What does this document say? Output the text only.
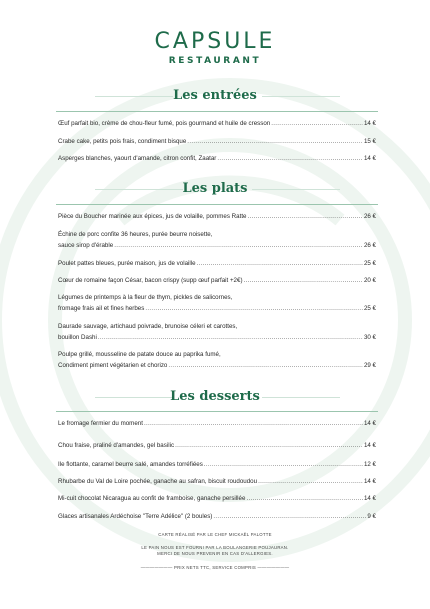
CAPSULE
RESTAURANT
Les entrées
Œuf parfait bio, crème de chou-fleur fumé, pois gourmand et huile de cresson .....	14 €
Crabe cake, petits pois frais, condiment bisque .....	15 €
Asperges blanches, yaourt d'amande, citron confit, Zaatar .....	14 €
Les plats
Pièce du Boucher marinée aux épices, jus de volaille, pommes Ratte .....	26 €
Échine de porc confite 36 heures, purée beurre noisette,
sauce sirop d'érable .....	26 €
Poulet pattes bleues, purée maison, jus de volaille .....	25 €
Cœur de romaine façon César, bacon crispy (supp œuf parfait +2€) .....	20 €
Légumes de printemps à la fleur de thym, pickles de salicornes,
fromage frais ail et fines herbes .....	25 €
Daurade sauvage, artichaud poivrade, brunoise céleri et carottes,
bouillon Dashi .....	30 €
Poulpe grillé, mousseline de patate douce au paprika fumé,
Condiment piment végétarien et chorizo .....	29 €
Les desserts
Le fromage fermier du moment .....	14 €
Chou fraise, praliné d'amandes, gel basilic .....	14 €
Ile flottante, caramel beurre salé, amandes torréfiées .....	12 €
Rhubarbe du Val de Loire pochée, ganache au safran, biscuit roudoudou .....	14 €
Mi-cuit chocolat Nicaragua au confit de framboise, ganache persillée .....	14 €
Glaces artisanales Ardéchoise "Terre Adélice" (2 boules) .....	9 €
CARTE RÉALISÉ PAR LE CHEF MICKAËL PALOTTE
LE PAIN NOUS EST FOURNI PAR LA BOULANGERIE POUJAURAN.
MERCI DE NOUS PREVENIR EN CAS D'ALLERGIES.
——————— PRIX NETS TTC, SERVICE COMPRIS ———————
